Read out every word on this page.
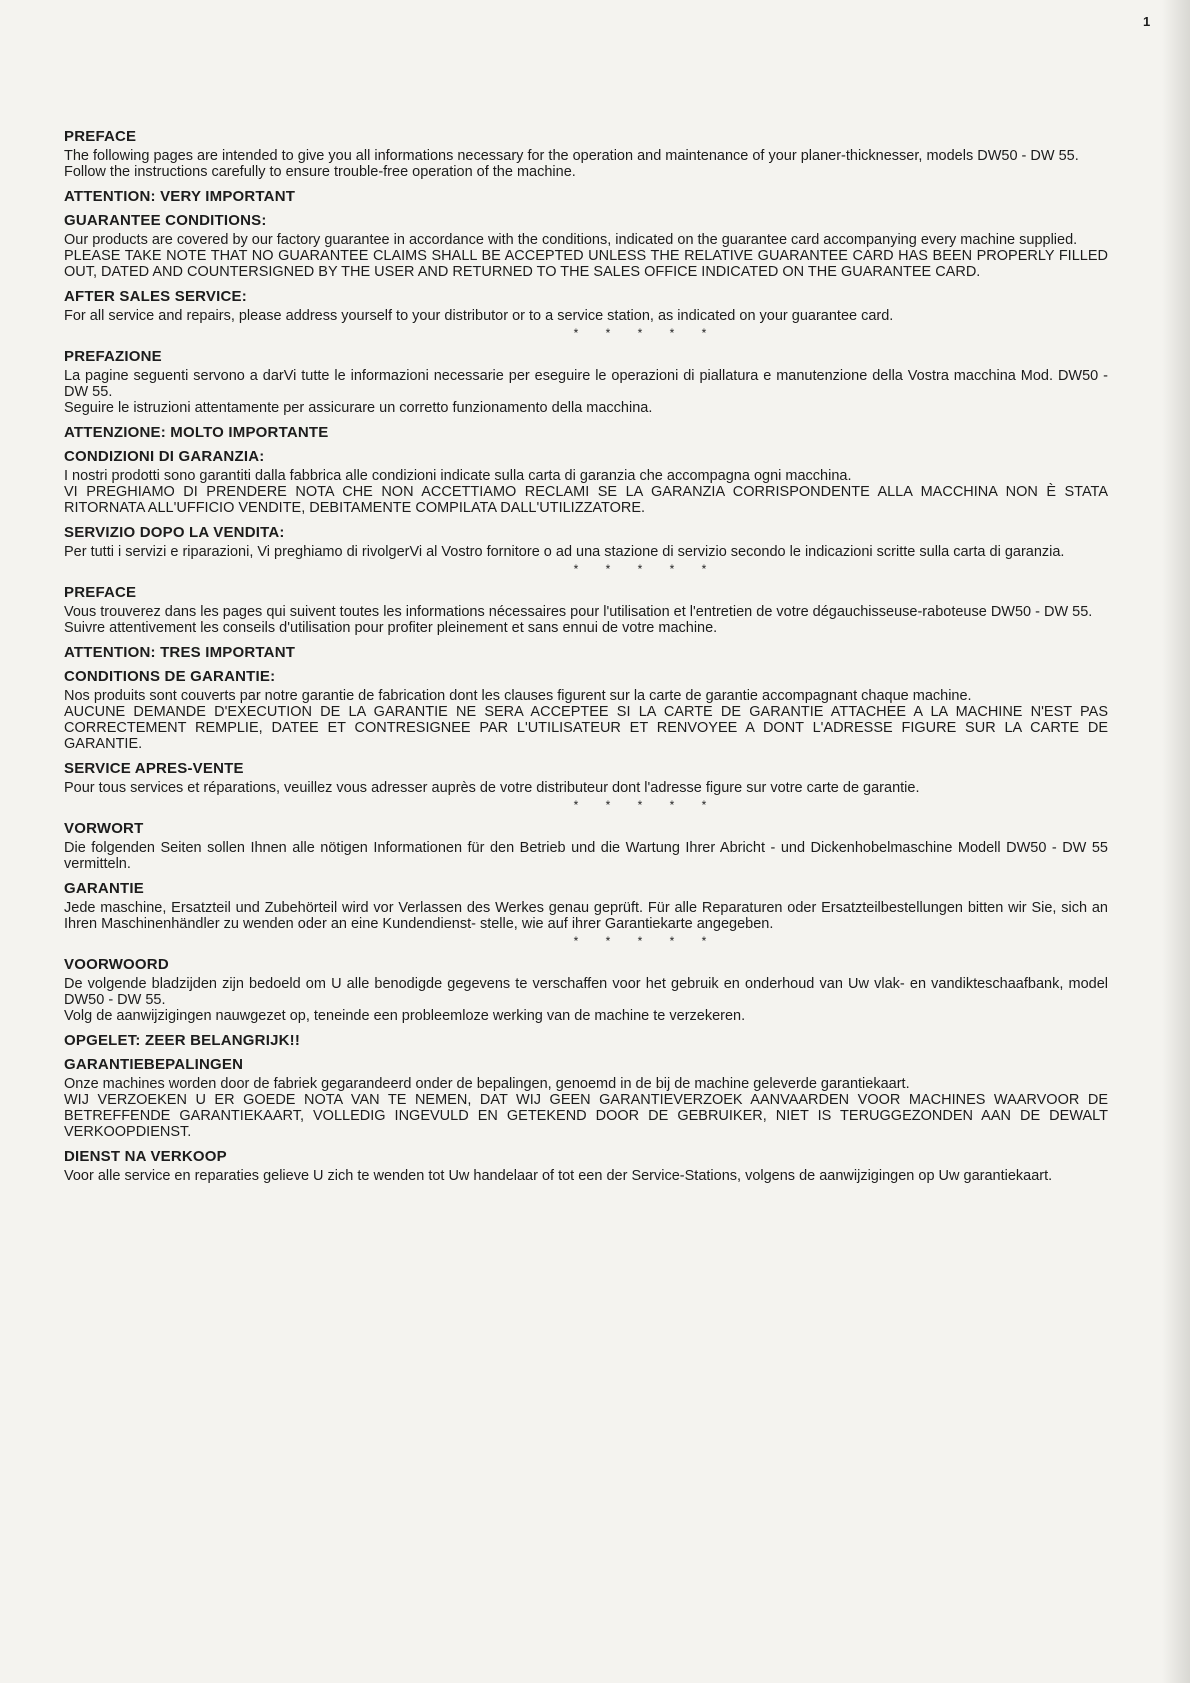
1
PREFACE

The following pages are intended to give you all informations necessary for the operation and maintenance of your planer-thicknesser, models DW50 - DW 55.

Follow the instructions carefully to ensure trouble-free operation of the machine.

ATTENTION: VERY IMPORTANT
GUARANTEE CONDITIONS:

Our products are covered by our factory guarantee in accordance with the conditions, indicated on the guarantee card accompanying every machine supplied.

PLEASE TAKE NOTE THAT NO GUARANTEE CLAIMS SHALL BE ACCEPTED UNLESS THE RELATIVE GUARANTEE CARD HAS BEEN PROPERLY FILLED OUT, DATED AND COUNTERSIGNED BY THE USER AND RETURNED TO THE SALES OFFICE INDICATED ON THE GUARANTEE CARD.

AFTER SALES SERVICE:

For all service and repairs, please address yourself to your distributor or to a service station, as indicated on your guarantee card.

* * * * *
PREFAZIONE

La pagine seguenti servono a darVi tutte le informazioni necessarie per eseguire le operazioni di piallatura e manutenzione della Vostra macchina Mod. DW50 - DW 55.

Seguire le istruzioni attentamente per assicurare un corretto funzionamento della macchina.

ATTENZIONE: MOLTO IMPORTANTE
CONDIZIONI DI GARANZIA:

I nostri prodotti sono garantiti dalla fabbrica alle condizioni indicate sulla carta di garanzia che accompagna ogni macchina.

VI PREGHIAMO DI PRENDERE NOTA CHE NON ACCETTIAMO RECLAMI SE LA GARANZIA CORRISPONDENTE ALLA MACCHINA NON È STATA RITORNATA ALL'UFFICIO VENDITE, DEBITAMENTE COMPILATA DALL'UTILIZZATORE.

SERVIZIO DOPO LA VENDITA:

Per tutti i servizi e riparazioni, Vi preghiamo di rivolgerVi al Vostro fornitore o ad una stazione di servizio secondo le indicazioni scritte sulla carta di garanzia.

* * * * *
PREFACE

Vous trouverez dans les pages qui suivent toutes les informations nécessaires pour l'utilisation et l'entretien de votre dégauchisseuse-raboteuse DW50 - DW 55.

Suivre attentivement les conseils d'utilisation pour profiter pleinement et sans ennui de votre machine.

ATTENTION: TRES IMPORTANT
CONDITIONS DE GARANTIE:

Nos produits sont couverts par notre garantie de fabrication dont les clauses figurent sur la carte de garantie accompagnant chaque machine.

AUCUNE DEMANDE D'EXECUTION DE LA GARANTIE NE SERA ACCEPTEE SI LA CARTE DE GARANTIE ATTACHEE A LA MACHINE N'EST PAS CORRECTEMENT REMPLIE, DATEE ET CONTRESIGNEE PAR L'UTILISATEUR ET RENVOYEE A DONT L'ADRESSE FIGURE SUR LA CARTE DE GARANTIE.

SERVICE APRES-VENTE

Pour tous services et réparations, veuillez vous adresser auprès de votre distributeur dont l'adresse figure sur votre carte de garantie.

* * * * *
VORWORT

Die folgenden Seiten sollen Ihnen alle nötigen Informationen für den Betrieb und die Wartung Ihrer Abricht - und Dickenhobelmaschine Modell DW50 - DW 55 vermitteln.

GARANTIE

Jede maschine, Ersatzteil und Zubehörteil wird vor Verlassen des Werkes genau geprüft. Für alle Reparaturen oder Ersatzteilbestellungen bitten wir Sie, sich an Ihren Maschinenhändler zu wenden oder an eine Kundendienst- stelle, wie auf ihrer Garantiekarte angegeben.

* * * * *
VOORWOORD

De volgende bladzijden zijn bedoeld om U alle benodigde gegevens te verschaffen voor het gebruik en onderhoud van Uw vlak- en vandikteschaafbank, model DW50 - DW 55.

Volg de aanwijzigingen nauwgezet op, teneinde een probleemloze werking van de machine te verzekeren.

OPGELET: ZEER BELANGRIJK!!
GARANTIEBEPALINGEN

Onze machines worden door de fabriek gegarandeerd onder de bepalingen, genoemd in de bij de machine geleverde garantiekaart.

WIJ VERZOEKEN U ER GOEDE NOTA VAN TE NEMEN, DAT WIJ GEEN GARANTIEVERZOEK AANVAARDEN VOOR MACHINES WAARVOOR DE BETREFFENDE GARANTIEKAART, VOLLEDIG INGEVULD EN GETEKEND DOOR DE GEBRUIKER, NIET IS TERUGGEZONDEN AAN DE DEWALT VERKOOPDIENST.

DIENST NA VERKOOP

Voor alle service en reparaties gelieve U zich te wenden tot Uw handelaar of tot een der Service-Stations, volgens de aanwijzigingen op Uw garantiekaart.
